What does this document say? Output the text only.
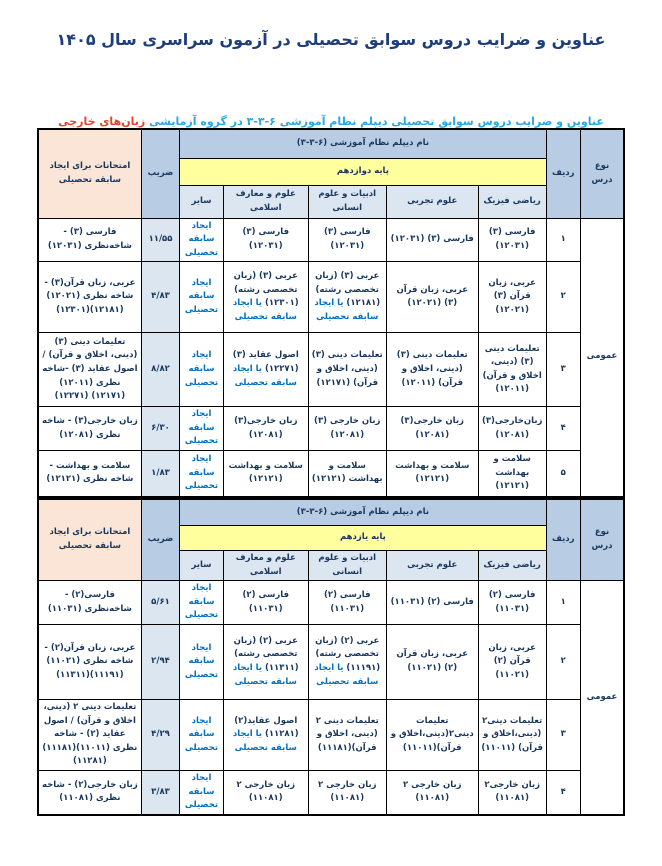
عناوین و ضرایب دروس سوابق تحصیلی در آزمون سراسری سال ۱۴۰۵
عناوین و ضرایب دروس سوابق تحصیلی دیپلم نظام آموزشی ۶-۳-۳ در گروه آزمایشی زبان‌های خارجی
نوع درس	ردیف	نام دیپلم نظام آموزشی (۶-۳-۳)					ضریب	امتحانات برای ایجاد سابقه تحصیلی
		پایه دوازدهم						
		ریاضی فیزیک	علوم تجربی	ادبیات و علوم انسانی	علوم و معارف اسلامی	سایر		
عمومی	۱	فارسی (۳) (۱۲۰۳۱)	فارسی (۳) (۱۲۰۳۱)	فارسی (۳) (۱۲۰۳۱)	فارسی (۳) (۱۲۰۳۱)	ایجاد سابقه تحصیلی	۱۱/۵۵	فارسی (۳) - شاخه‌نظری (۱۲۰۳۱)
	۲	عربی، زبان قرآن (۳) (۱۲۰۲۱)	عربی، زبان قرآن (۳) (۱۲۰۲۱)	عربی (۳) (زبان تخصصی رشته)(۱۲۱۸۱) یا ایجاد سابقه تحصیلی	عربی (۳) (زبان تخصصی رشته)(۱۲۳۰۱) یا ایجاد سابقه تحصیلی	ایجاد سابقه تحصیلی	۴/۸۳	عربی، زبان قرآن(۳) - شاخه نظری (۱۲۰۲۱)(۱۲۱۸۱)(۱۲۳۰۱)
	۳	تعلیمات دینی (۳) (دینی، اخلاق و قرآن) (۱۲۰۱۱)	تعلیمات دینی (۳) (دینی، اخلاق و قرآن) (۱۲۰۱۱)	تعلیمات دینی (۳) (دینی، اخلاق و قرآن) (۱۲۱۷۱)	اصول عقاید (۳) (۱۲۲۷۱) یا ایجاد سابقه تحصیلی	ایجاد سابقه تحصیلی	۸/۸۲	تعلیمات دینی (۳) (دینی، اخلاق و قرآن) / اصول عقاید (۳) -شاخه نظری (۱۲۰۱۱) (۱۲۱۷۱) (۱۲۲۷۱)
	۴	زبان‌خارجی(۳) (۱۲۰۸۱)	زبان خارجی(۳) (۱۲۰۸۱)	زبان خارجی (۳) (۱۲۰۸۱)	زبان خارجی(۳) (۱۲۰۸۱)	ایجاد سابقه تحصیلی	۶/۳۰	زبان خارجی(۳) - شاخه نظری (۱۲۰۸۱)
	۵	سلامت و بهداشت (۱۲۱۲۱)	سلامت و بهداشت (۱۲۱۲۱)	سلامت و بهداشت (۱۲۱۲۱)	سلامت و بهداشت (۱۲۱۲۱)	ایجاد سابقه تحصیلی	۱/۸۳	سلامت و بهداشت - شاخه نظری (۱۲۱۲۱)
نوع درس	ردیف	نام دیپلم نظام آموزشی (۶-۳-۳)					ضریب	امتحانات برای ایجاد سابقه تحصیلی
		پایه یازدهم						
		ریاضی فیزیک	علوم تجربی	ادبیات و علوم انسانی	علوم و معارف اسلامی	سایر		
عمومی	۱	فارسی (۲) (۱۱۰۳۱)	فارسی (۲) (۱۱۰۳۱)	فارسی (۲) (۱۱۰۳۱)	فارسی (۲) (۱۱۰۳۱)	ایجاد سابقه تحصیلی	۵/۶۱	فارسی(۲) - شاخه‌نظری (۱۱۰۳۱)
	۲	عربی، زبان قرآن (۲) (۱۱۰۲۱)	عربی، زبان قرآن (۲) (۱۱۰۲۱)	عربی (۲) (زبان تخصصی رشته)(۱۱۱۹۱) یا ایجاد سابقه تحصیلی	عربی (۲) (زبان تخصصی رشته)(۱۱۳۱۱) یا ایجاد سابقه تحصیلی	ایجاد سابقه تحصیلی	۲/۹۴	عربی، زبان قرآن(۲) - شاخه نظری (۱۱۰۲۱)(۱۱۱۹۱)(۱۱۳۱۱)
	۳	تعلیمات دینی۲ (دینی،اخلاق و قرآن) (۱۱۰۱۱)	تعلیمات دینی۲(دینی،اخلاق و قرآن)(۱۱۰۱۱)	تعلیمات دینی ۲ (دینی، اخلاق و قرآن)(۱۱۱۸۱)	اصول عقاید(۲) (۱۱۲۸۱) یا ایجاد سابقه تحصیلی	ایجاد سابقه تحصیلی	۴/۲۹	تعلیمات دینی ۲ (دینی، اخلاق و قرآن) / اصول عقاید (۲) - شاخه نظری (۱۱۰۱۱)(۱۱۱۸۱)(۱۱۲۸۱)
	۴	زبان خارجی۲ (۱۱۰۸۱)	زبان خارجی ۲ (۱۱۰۸۱)	زبان خارجی ۲ (۱۱۰۸۱)	زبان خارجی ۲ (۱۱۰۸۱)	ایجاد سابقه تحصیلی	۳/۸۳	زبان خارجی(۲) - شاخه نظری (۱۱۰۸۱)
